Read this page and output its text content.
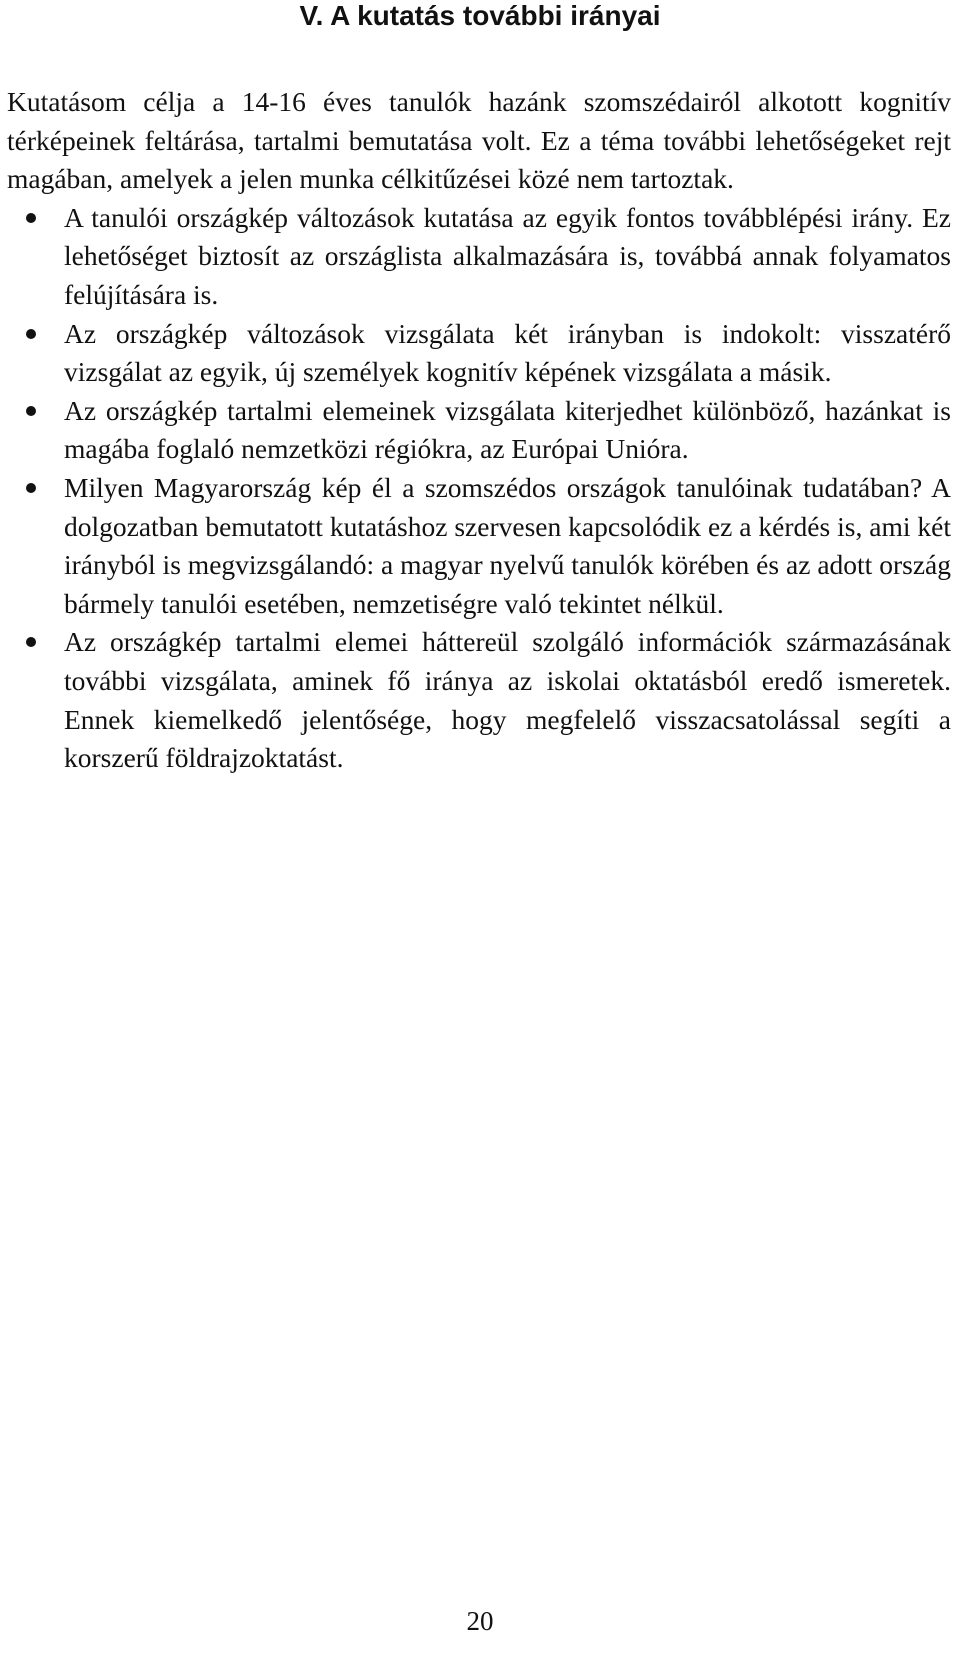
V. A kutatás további irányai

Kutatásom célja a 14-16 éves tanulók hazánk szomszédairól alkotott kognitív térképeinek feltárása, tartalmi bemutatása volt. Ez a téma további lehetőségeket rejt magában, amelyek a jelen munka célkitűzései közé nem tartoztak.

A tanulói országkép változások kutatása az egyik fontos továbblépési irány. Ez lehetőséget biztosít az országlista alkalmazására is, továbbá annak folyamatos felújítására is.
Az országkép változások vizsgálata két irányban is indokolt: visszatérő vizsgálat az egyik, új személyek kognitív képének vizsgálata a másik.
Az országkép tartalmi elemeinek vizsgálata kiterjedhet különböző, hazánkat is magába foglaló nemzetközi régiókra, az Európai Unióra.
Milyen Magyarország kép él a szomszédos országok tanulóinak tudatában? A dolgozatban bemutatott kutatáshoz szervesen kapcsolódik ez a kérdés is, ami két irányból is megvizsgálandó: a magyar nyelvű tanulók körében és az adott ország bármely tanulói esetében, nemzetiségre való tekintet nélkül.
Az országkép tartalmi elemei háttereül szolgáló információk származásának további vizsgálata, aminek fő iránya az iskolai oktatásból eredő ismeretek. Ennek kiemelkedő jelentősége, hogy megfelelő visszacsatolással segíti a korszerű földrajzoktatást.
20
